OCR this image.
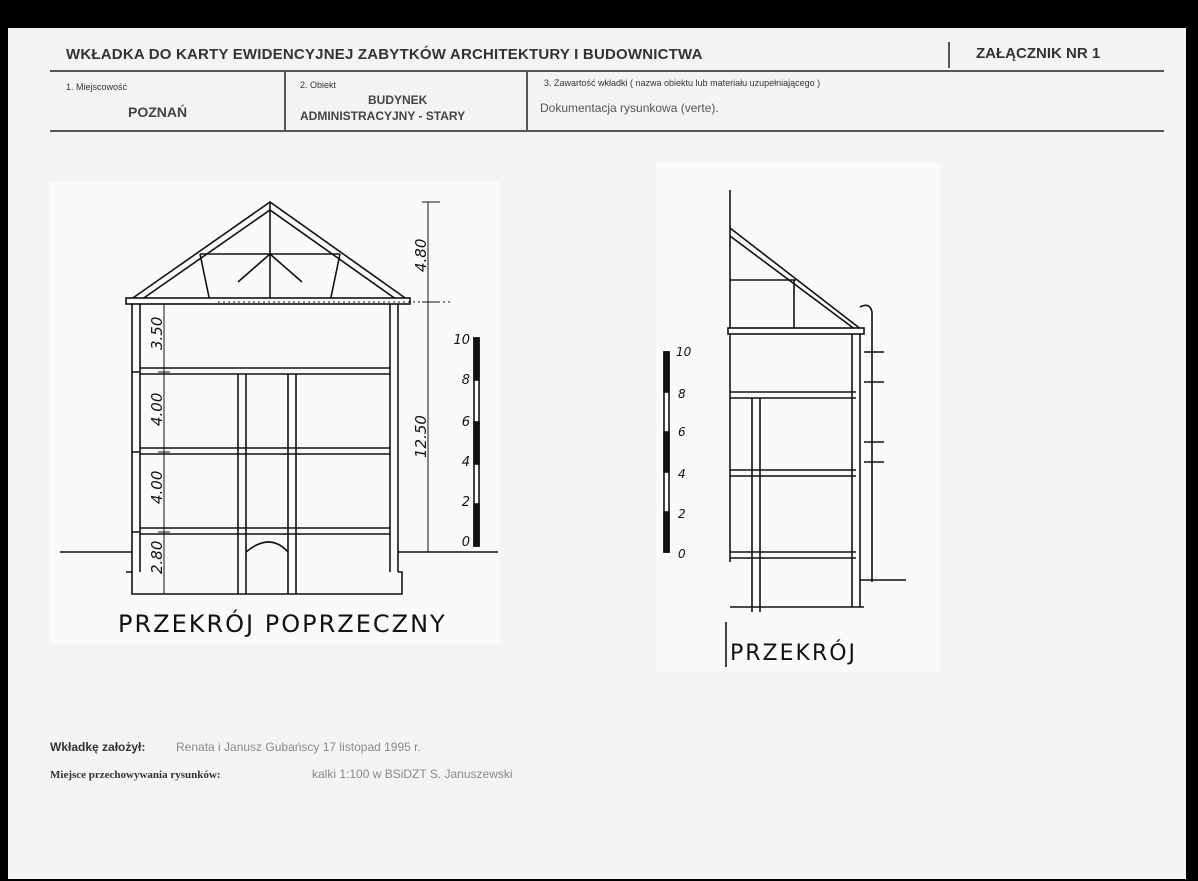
WKŁADKA DO KARTY EWIDENCYJNEJ ZABYTKÓW ARCHITEKTURY I BUDOWNICTWA	ZAŁĄCZNIK NR 1
1. Miejscowość
POZNAŃ
2. Obiekt
BUDYNEK
ADMINISTRACYJNY - STARY
3. Zawartość wkładki ( nazwa obiektu lub materiału uzupełniającego )
Dokumentacja rysunkowa (verte).
4.80
3.50
4.00
4.00
2.80
12.50
10
8
6
4
2
0
PRZEKRÓJ POPRZECZNY
10
8
6
4
2
0
PRZEKRÓJ
Wkładkę założył:	Renata i Janusz Gubańscy 17 listopad 1995 r.
Miejsce przechowywania rysunków:	kalki 1:100 w BSiDZT S. Januszewski
